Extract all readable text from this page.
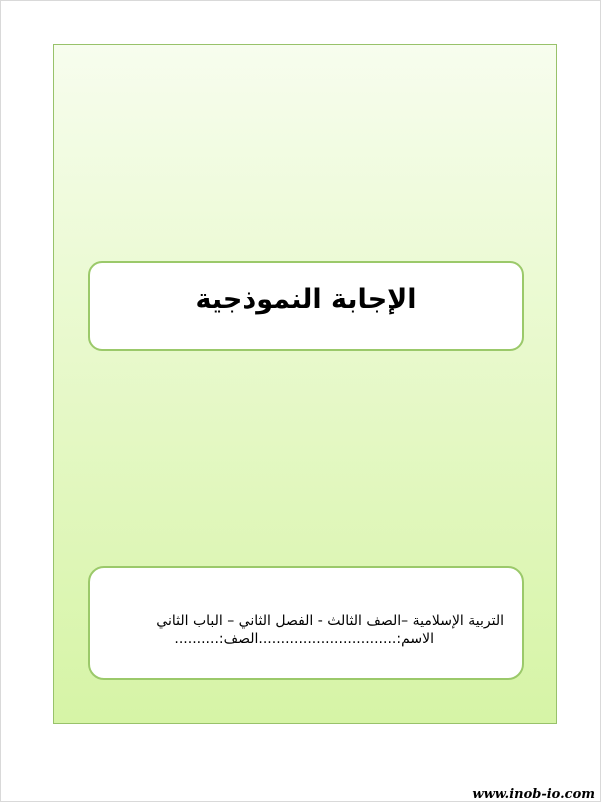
الإجابة النموذجية
التربية الإسلامية –الصف الثالث - الفصل الثاني – الباب الثاني
الاسم:...............................الصف:..........
www.inob-io.com
